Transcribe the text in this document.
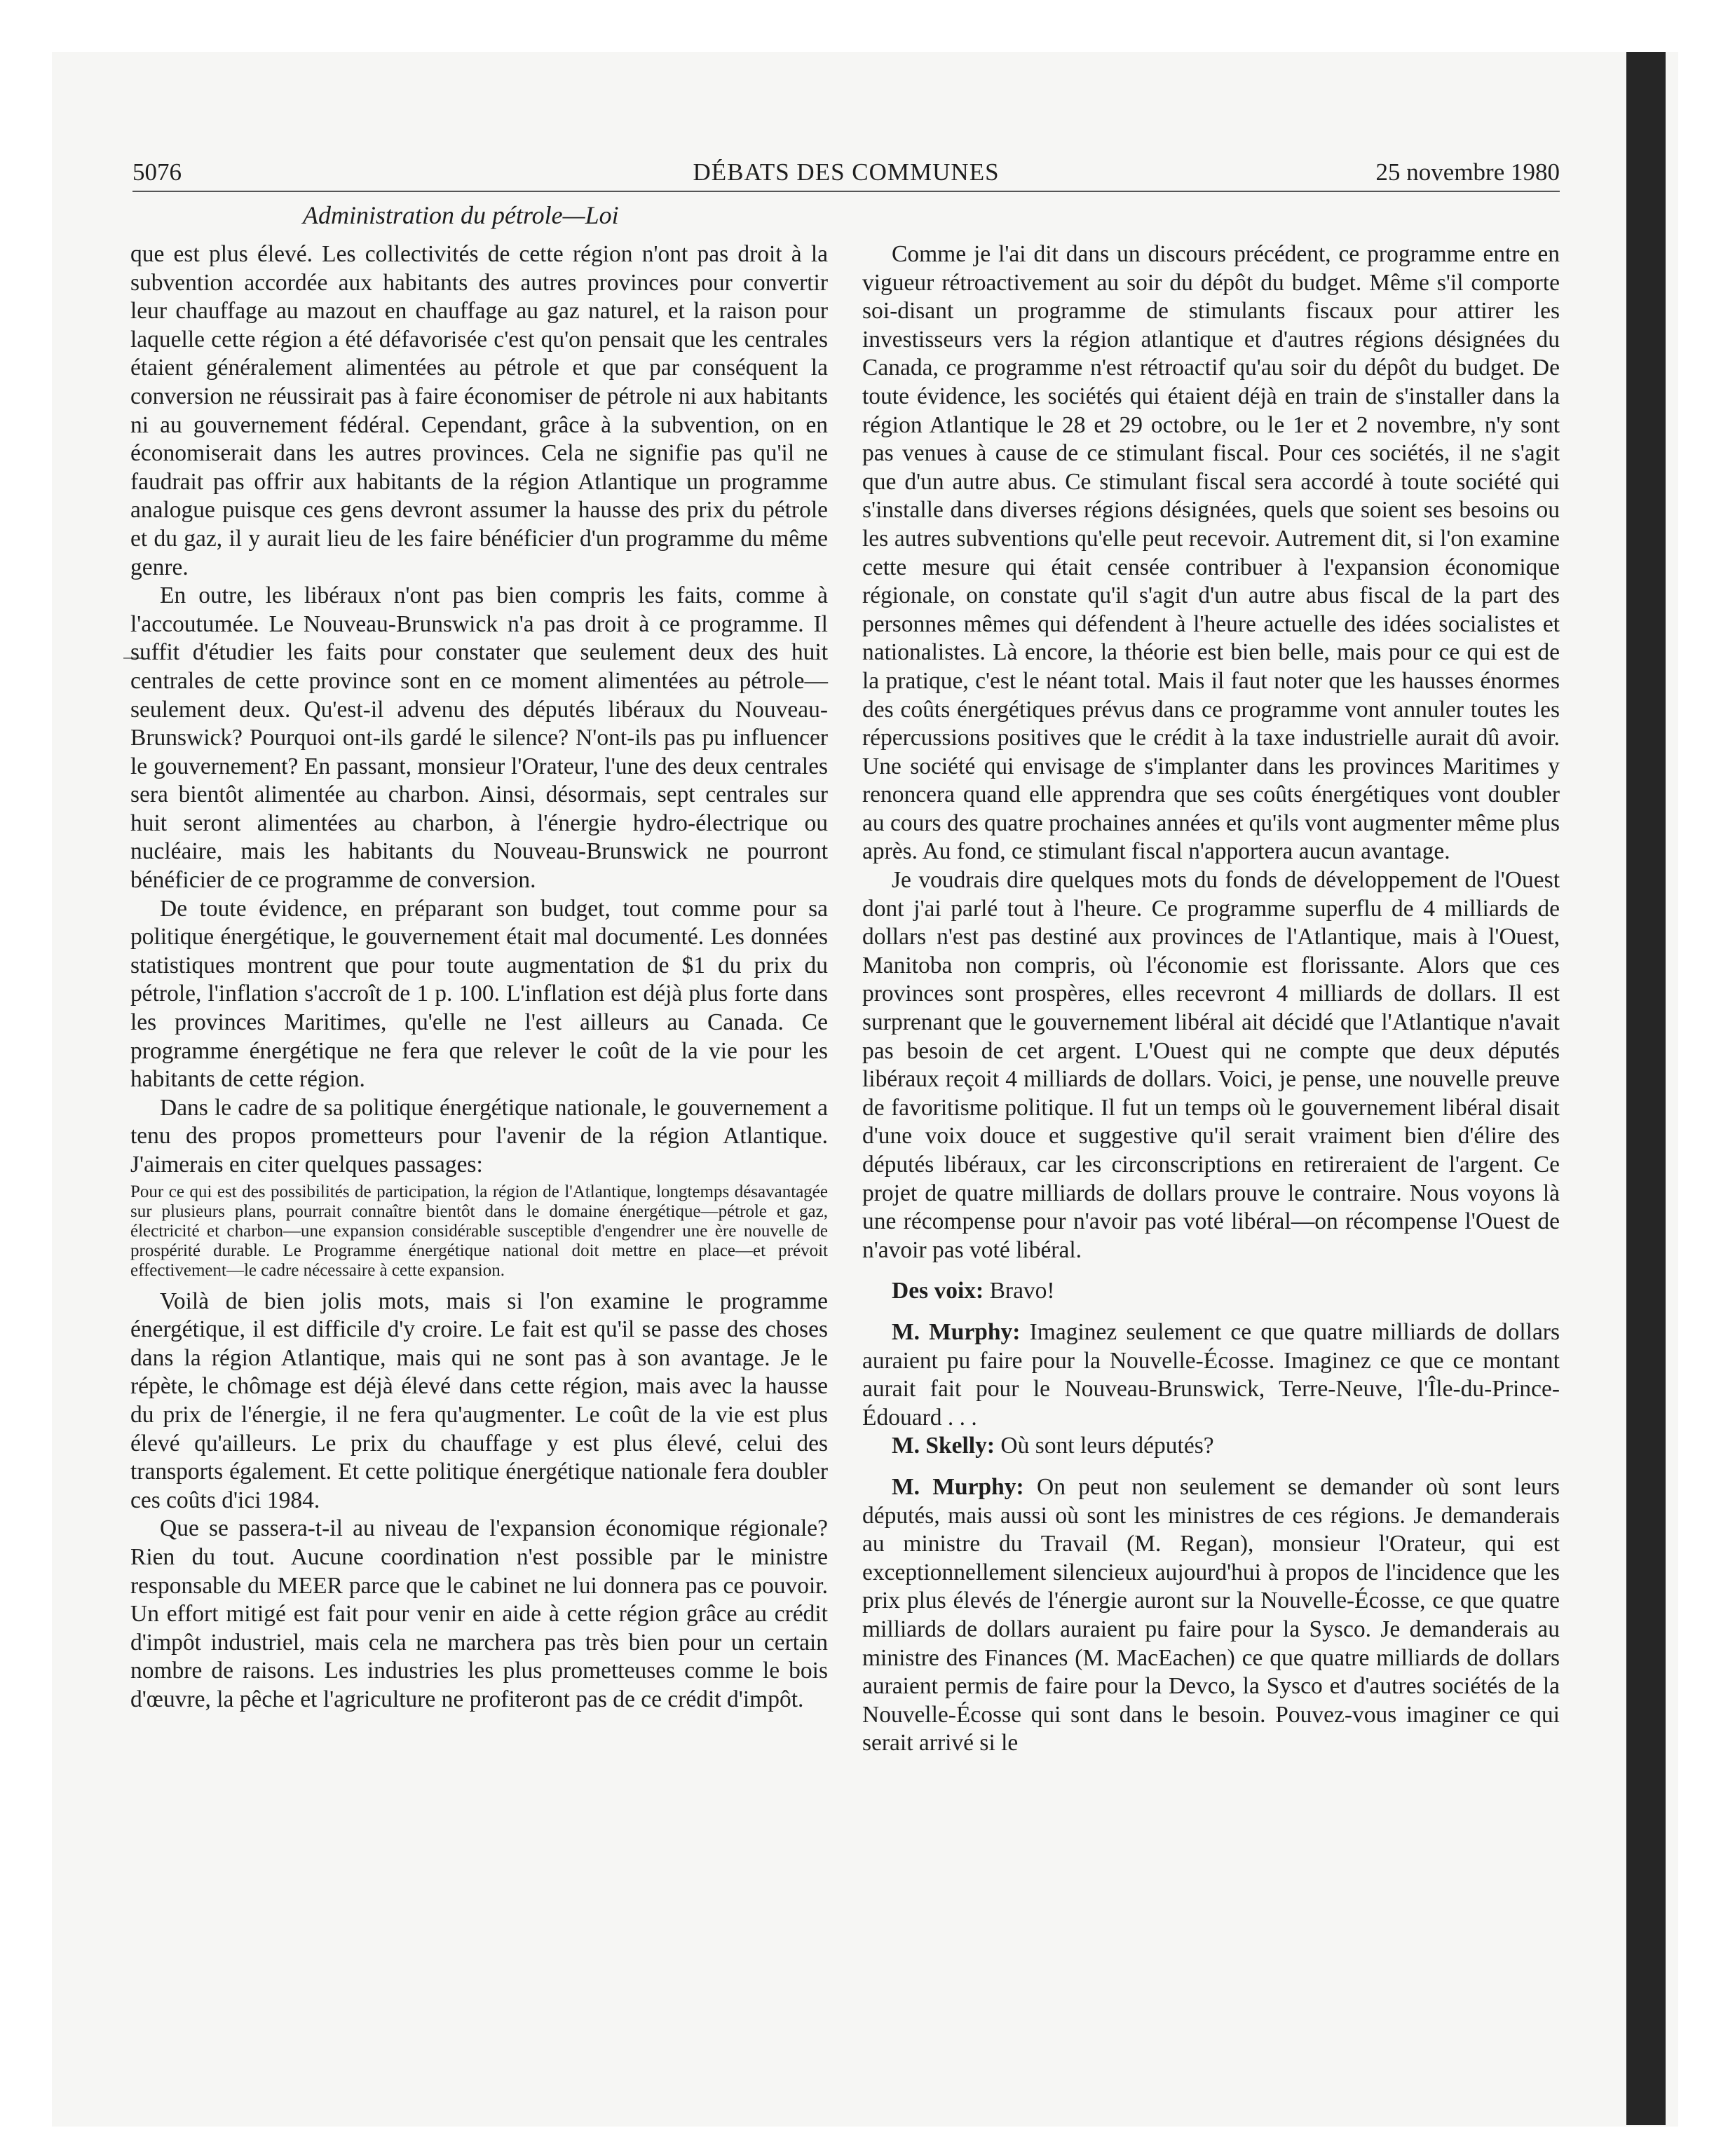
5076	DÉBATS DES COMMUNES	25 novembre 1980
Administration du pétrole—Loi

que est plus élevé. Les collectivités de cette région n'ont pas droit à la subvention accordée aux habitants des autres provinces pour convertir leur chauffage au mazout en chauffage au gaz naturel, et la raison pour laquelle cette région a été défavorisée c'est qu'on pensait que les centrales étaient généralement alimentées au pétrole et que par conséquent la conversion ne réussirait pas à faire économiser de pétrole ni aux habitants ni au gouvernement fédéral. Cependant, grâce à la subvention, on en économiserait dans les autres provinces. Cela ne signifie pas qu'il ne faudrait pas offrir aux habitants de la région Atlantique un programme analogue puisque ces gens devront assumer la hausse des prix du pétrole et du gaz, il y aurait lieu de les faire bénéficier d'un programme du même genre.

En outre, les libéraux n'ont pas bien compris les faits, comme à l'accoutumée. Le Nouveau-Brunswick n'a pas droit à ce programme. Il suffit d'étudier les faits pour constater que seulement deux des huit centrales de cette province sont en ce moment alimentées au pétrole—seulement deux. Qu'est-il advenu des députés libéraux du Nouveau-Brunswick? Pourquoi ont-ils gardé le silence? N'ont-ils pas pu influencer le gouvernement? En passant, monsieur l'Orateur, l'une des deux centrales sera bientôt alimentée au charbon. Ainsi, désormais, sept centrales sur huit seront alimentées au charbon, à l'énergie hydro-électrique ou nucléaire, mais les habitants du Nouveau-Brunswick ne pourront bénéficier de ce programme de conversion.

De toute évidence, en préparant son budget, tout comme pour sa politique énergétique, le gouvernement était mal documenté. Les données statistiques montrent que pour toute augmentation de $1 du prix du pétrole, l'inflation s'accroît de 1 p. 100. L'inflation est déjà plus forte dans les provinces Maritimes, qu'elle ne l'est ailleurs au Canada. Ce programme énergétique ne fera que relever le coût de la vie pour les habitants de cette région.

Dans le cadre de sa politique énergétique nationale, le gouvernement a tenu des propos prometteurs pour l'avenir de la région Atlantique. J'aimerais en citer quelques passages:

Pour ce qui est des possibilités de participation, la région de l'Atlantique, longtemps désavantagée sur plusieurs plans, pourrait connaître bientôt dans le domaine énergétique—pétrole et gaz, électricité et charbon—une expansion considérable susceptible d'engendrer une ère nouvelle de prospérité durable. Le Programme énergétique national doit mettre en place—et prévoit effectivement—le cadre nécessaire à cette expansion.

Voilà de bien jolis mots, mais si l'on examine le programme énergétique, il est difficile d'y croire. Le fait est qu'il se passe des choses dans la région Atlantique, mais qui ne sont pas à son avantage. Je le répète, le chômage est déjà élevé dans cette région, mais avec la hausse du prix de l'énergie, il ne fera qu'augmenter. Le coût de la vie est plus élevé qu'ailleurs. Le prix du chauffage y est plus élevé, celui des transports également. Et cette politique énergétique nationale fera doubler ces coûts d'ici 1984.

Que se passera-t-il au niveau de l'expansion économique régionale? Rien du tout. Aucune coordination n'est possible par le ministre responsable du MEER parce que le cabinet ne lui donnera pas ce pouvoir. Un effort mitigé est fait pour venir en aide à cette région grâce au crédit d'impôt industriel, mais cela ne marchera pas très bien pour un certain nombre de raisons. Les industries les plus prometteuses comme le bois d'œuvre, la pêche et l'agriculture ne profiteront pas de ce crédit d'impôt.

Comme je l'ai dit dans un discours précédent, ce programme entre en vigueur rétroactivement au soir du dépôt du budget. Même s'il comporte soi-disant un programme de stimulants fiscaux pour attirer les investisseurs vers la région atlantique et d'autres régions désignées du Canada, ce programme n'est rétroactif qu'au soir du dépôt du budget. De toute évidence, les sociétés qui étaient déjà en train de s'installer dans la région Atlantique le 28 et 29 octobre, ou le 1er et 2 novembre, n'y sont pas venues à cause de ce stimulant fiscal. Pour ces sociétés, il ne s'agit que d'un autre abus. Ce stimulant fiscal sera accordé à toute société qui s'installe dans diverses régions désignées, quels que soient ses besoins ou les autres subventions qu'elle peut recevoir. Autrement dit, si l'on examine cette mesure qui était censée contribuer à l'expansion économique régionale, on constate qu'il s'agit d'un autre abus fiscal de la part des personnes mêmes qui défendent à l'heure actuelle des idées socialistes et nationalistes. Là encore, la théorie est bien belle, mais pour ce qui est de la pratique, c'est le néant total. Mais il faut noter que les hausses énormes des coûts énergétiques prévus dans ce programme vont annuler toutes les répercussions positives que le crédit à la taxe industrielle aurait dû avoir. Une société qui envisage de s'implanter dans les provinces Maritimes y renoncera quand elle apprendra que ses coûts énergétiques vont doubler au cours des quatre prochaines années et qu'ils vont augmenter même plus après. Au fond, ce stimulant fiscal n'apportera aucun avantage.

Je voudrais dire quelques mots du fonds de développement de l'Ouest dont j'ai parlé tout à l'heure. Ce programme superflu de 4 milliards de dollars n'est pas destiné aux provinces de l'Atlantique, mais à l'Ouest, Manitoba non compris, où l'économie est florissante. Alors que ces provinces sont prospères, elles recevront 4 milliards de dollars. Il est surprenant que le gouvernement libéral ait décidé que l'Atlantique n'avait pas besoin de cet argent. L'Ouest qui ne compte que deux députés libéraux reçoit 4 milliards de dollars. Voici, je pense, une nouvelle preuve de favoritisme politique. Il fut un temps où le gouvernement libéral disait d'une voix douce et suggestive qu'il serait vraiment bien d'élire des députés libéraux, car les circonscriptions en retireraient de l'argent. Ce projet de quatre milliards de dollars prouve le contraire. Nous voyons là une récompense pour n'avoir pas voté libéral—on récompense l'Ouest de n'avoir pas voté libéral.

Des voix: Bravo!

M. Murphy: Imaginez seulement ce que quatre milliards de dollars auraient pu faire pour la Nouvelle-Écosse. Imaginez ce que ce montant aurait fait pour le Nouveau-Brunswick, Terre-Neuve, l'Île-du-Prince-Édouard . . .

M. Skelly: Où sont leurs députés?

M. Murphy: On peut non seulement se demander où sont leurs députés, mais aussi où sont les ministres de ces régions. Je demanderais au ministre du Travail (M. Regan), monsieur l'Orateur, qui est exceptionnellement silencieux aujourd'hui à propos de l'incidence que les prix plus élevés de l'énergie auront sur la Nouvelle-Écosse, ce que quatre milliards de dollars auraient pu faire pour la Sysco. Je demanderais au ministre des Finances (M. MacEachen) ce que quatre milliards de dollars auraient permis de faire pour la Devco, la Sysco et d'autres sociétés de la Nouvelle-Écosse qui sont dans le besoin. Pouvez-vous imaginer ce qui serait arrivé si le
